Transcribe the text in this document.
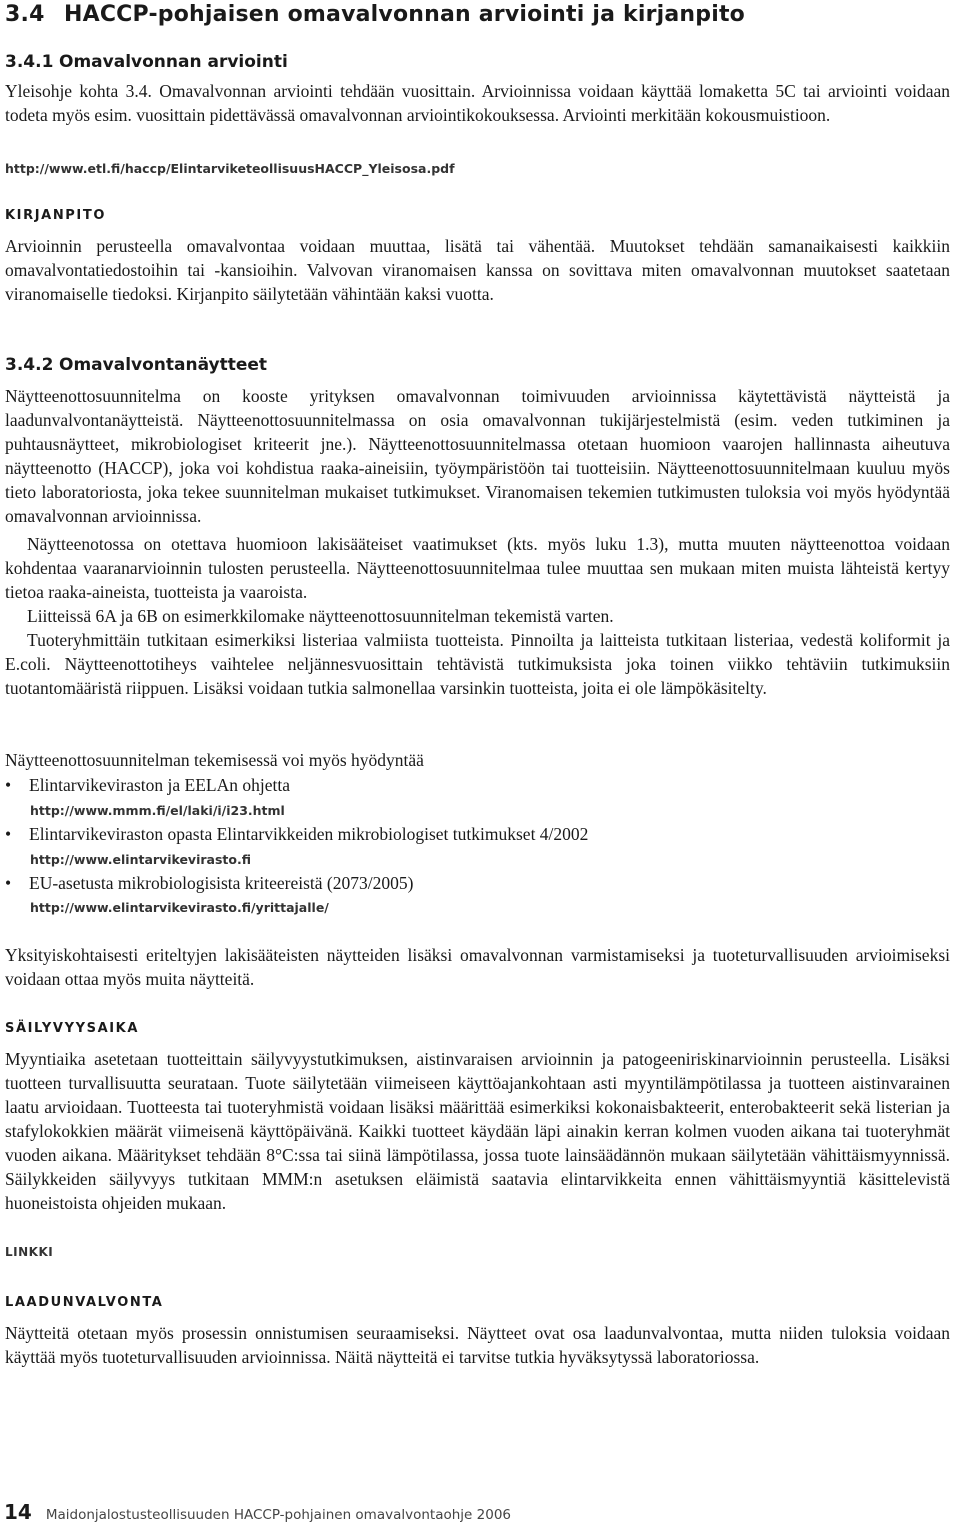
3.4 HACCP-pohjaisen omavalvonnan arviointi ja kirjanpito
3.4.1 Omavalvonnan arviointi
Yleisohje kohta 3.4. Omavalvonnan arviointi tehdään vuosittain. Arvioinnissa voidaan käyttää lomaketta 5C tai arviointi voidaan todeta myös esim. vuosittain pidettävässä omavalvonnan arviointikokouksessa. Arviointi merkitään kokousmuistioon.
http://www.etl.fi/haccp/ElintarviketeollisuusHACCP_Yleisosa.pdf
KIRJANPITO
Arvioinnin perusteella omavalvontaa voidaan muuttaa, lisätä tai vähentää. Muutokset tehdään samanaikaisesti kaikkiin omavalvontatiedostoihin tai -kansioihin. Valvovan viranomaisen kanssa on sovittava miten omavalvonnan muutokset saatetaan viranomaiselle tiedoksi. Kirjanpito säilytetään vähintään kaksi vuotta.
3.4.2 Omavalvontanäytteet
Näytteenottosuunnitelma on kooste yrityksen omavalvonnan toimivuuden arvioinnissa käytettävistä näytteistä ja laadunvalvontanäytteistä. Näytteenottosuunnitelmassa on osia omavalvonnan tukijärjestelmistä (esim. veden tutkiminen ja puhtausnäytteet, mikrobiologiset kriteerit jne.). Näytteenottosuunnitelmassa otetaan huomioon vaarojen hallinnasta aiheutuva näytteenotto (HACCP), joka voi kohdistua raaka-aineisiin, työympäristöön tai tuotteisiin. Näytteenottosuunnitelmaan kuuluu myös tieto laboratoriosta, joka tekee suunnitelman mukaiset tutkimukset. Viranomaisen tekemien tutkimusten tuloksia voi myös hyödyntää omavalvonnan arvioinnissa.
Näytteenotossa on otettava huomioon lakisääteiset vaatimukset (kts. myös luku 1.3), mutta muuten näytteenottoa voidaan kohdentaa vaaranarvioinnin tulosten perusteella. Näytteenottosuunnitelmaa tulee muuttaa sen mukaan miten muista lähteistä kertyy tietoa raaka-aineista, tuotteista ja vaaroista.
Liitteissä 6A ja 6B on esimerkkilomake näytteenottosuunnitelman tekemistä varten.
Tuoteryhmittäin tutkitaan esimerkiksi listeriaa valmiista tuotteista. Pinnoilta ja laitteista tutkitaan listeriaa, vedestä koliformit ja E.coli. Näytteenottotiheys vaihtelee neljännesvuosittain tehtävistä tutkimuksista joka toinen viikko tehtäviin tutkimuksiin tuotantomääristä riippuen. Lisäksi voidaan tutkia salmonellaa varsinkin tuotteista, joita ei ole lämpökäsitelty.
Näytteenottosuunnitelman tekemisessä voi myös hyödyntää
• Elintarvikeviraston ja EELAn ohjetta
http://www.mmm.fi/el/laki/i/i23.html
• Elintarvikeviraston opasta Elintarvikkeiden mikrobiologiset tutkimukset 4/2002
http://www.elintarvikevirasto.fi
• EU-asetusta mikrobiologisista kriteereistä (2073/2005)
http://www.elintarvikevirasto.fi/yrittajalle/
Yksityiskohtaisesti eriteltyjen lakisääteisten näytteiden lisäksi omavalvonnan varmistamiseksi ja tuoteturvallisuuden arvioimiseksi voidaan ottaa myös muita näytteitä.
SÄILYVYYSAIKA
Myyntiaika asetetaan tuotteittain säilyvyystutkimuksen, aistinvaraisen arvioinnin ja patogeeniriskinarvioinnin perusteella. Lisäksi tuotteen turvallisuutta seurataan. Tuote säilytetään viimeiseen käyttöajankohtaan asti myyntilämpötilassa ja tuotteen aistinvarainen laatu arvioidaan. Tuotteesta tai tuoteryhmistä voidaan lisäksi määrittää esimerkiksi kokonaisbakteerit, enterobakteerit sekä listerian ja stafylokokkien määrät viimeisenä käyttöpäivänä. Kaikki tuotteet käydään läpi ainakin kerran kolmen vuoden aikana tai tuoteryhmät vuoden aikana. Määritykset tehdään 8°C:ssa tai siinä lämpötilassa, jossa tuote lainsäädännön mukaan säilytetään vähittäismyynnissä. Säilykkeiden säilyvyys tutkitaan MMM:n asetuksen eläimistä saatavia elintarvikkeita ennen vähittäismyyntiä käsittelevistä huoneistoista ohjeiden mukaan.
LINKKI
LAADUNVALVONTA
Näytteitä otetaan myös prosessin onnistumisen seuraamiseksi. Näytteet ovat osa laadunvalvontaa, mutta niiden tuloksia voidaan käyttää myös tuoteturvallisuuden arvioinnissa. Näitä näytteitä ei tarvitse tutkia hyväksytyssä laboratoriossa.
14 Maidonjalostusteollisuuden HACCP-pohjainen omavalvontaohje 2006
